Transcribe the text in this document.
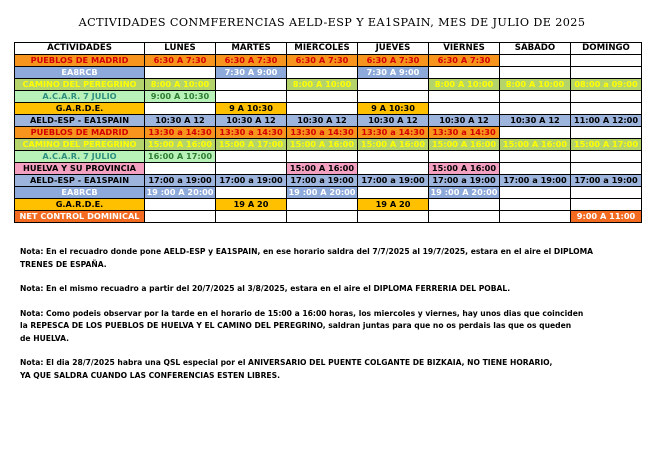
ACTIVIDADES CONMFERENCIAS AELD-ESP Y EA1SPAIN, MES DE JULIO DE 2025
ACTIVIDADES	LUNES	MARTES	MIERCOLES	JUEVES	VIERNES	SABADO	DOMINGO
PUEBLOS DE MADRID	6:30 A 7:30	6:30 A 7:30	6:30 A 7:30	6:30 A 7:30	6:30 A 7:30		
EA8RCB		7:30 A 9:00		7:30 A 9:00			
CAMINO DEL PEREGRINO	8:00 A 10:00		8:00 A 10:00		8:00 A 10:00	8:00 A 10:00	08:00 a 09:00
A.C.A.R. 7 JULIO	9:00 A 10:30						
G.A.R.D.E.		9 A 10:30		9 A 10:30			
AELD-ESP - EA1SPAIN	10:30 A 12	10:30 A 12	10:30 A 12	10:30 A 12	10:30 A 12	10:30 A 12	11:00 A 12:00
PUEBLOS DE MADRID	13:30 a 14:30	13:30 a 14:30	13:30 a 14:30	13:30 a 14:30	13:30 a 14:30		
CAMINO DEL PEREGRINO	15:00 A 16:00	15:00 A 17:00	15:00 A 16:00	15:00 A 16:00	15:00 A 16:00	15:00 A 16:00	15:00 A 17:00
A.C.A.R. 7 JULIO	16:00 A 17:00						
HUELVA Y SU PROVINCIA			15:00 A 16:00		15:00 A 16:00		
AELD-ESP - EA1SPAIN	17:00 a 19:00	17:00 a 19:00	17:00 a 19:00	17:00 a 19:00	17:00 a 19:00	17:00 a 19:00	17:00 a 19:00
EA8RCB	19 :00 A 20:00		19 :00 A 20:00		19 :00 A 20:00		
G.A.R.D.E.		19 A 20		19 A 20			
NET CONTROL DOMINICAL							9:00 A 11:00

Nota: En el recuadro donde pone AELD-ESP y EA1SPAIN, en ese horario saldra del 7/7/2025 al 19/7/2025, estara en el aire el DIPLOMA
TRENES DE ESPAÑA.

Nota: En el mismo recuadro a partir del 20/7/2025 al 3/8/2025, estara en el aire el DIPLOMA FERRERIA DEL POBAL.

Nota: Como podeis observar por la tarde en el horario de 15:00 a 16:00 horas, los miercoles y viernes, hay unos dias que coinciden
la REPESCA DE LOS PUEBLOS DE HUELVA Y EL CAMINO DEL PEREGRINO, saldran juntas para que no os perdais las que os queden
de HUELVA.

Nota: El dia 28/7/2025 habra una QSL especial por el ANIVERSARIO DEL PUENTE COLGANTE DE BIZKAIA, NO TIENE HORARIO,
YA QUE SALDRA CUANDO LAS CONFERENCIAS ESTEN LIBRES.
